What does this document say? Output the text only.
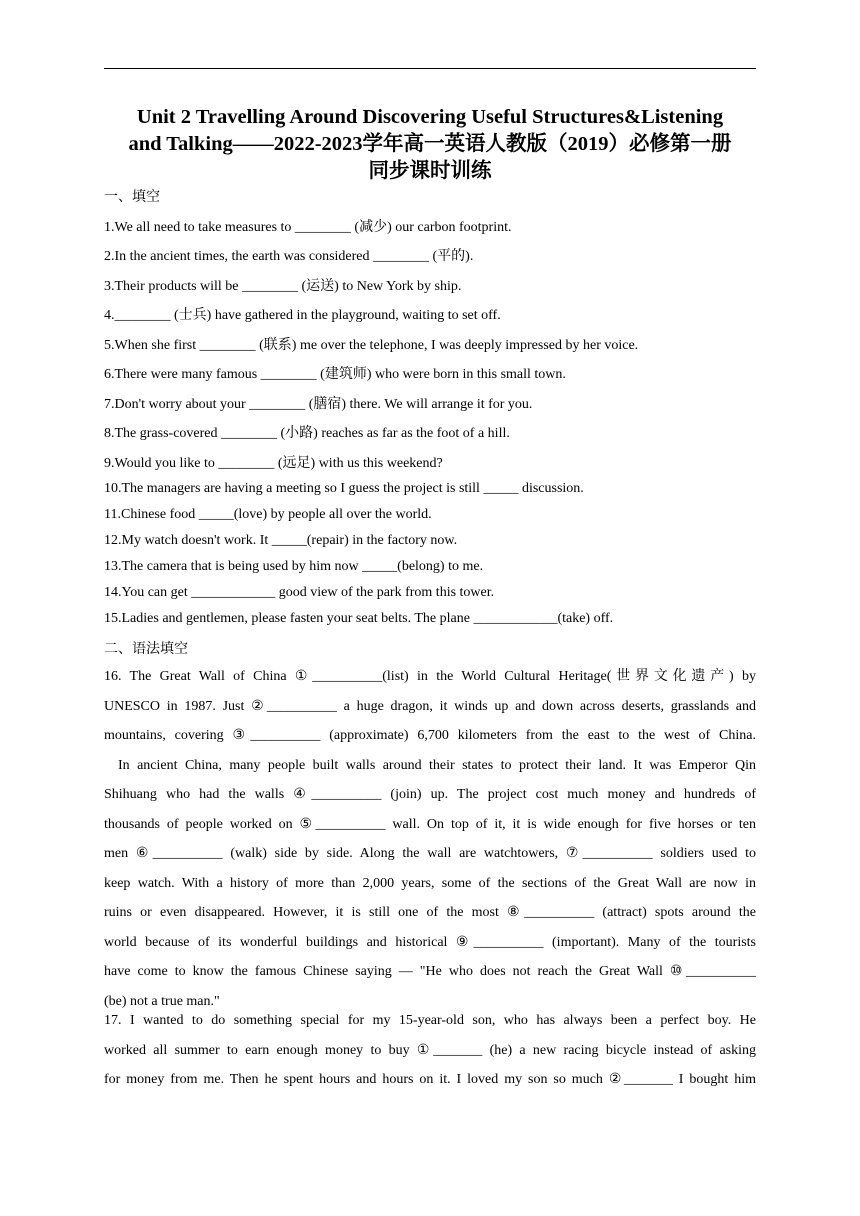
Unit 2 Travelling Around Discovering Useful Structures&Listening
and Talking——2022-2023学年高一英语人教版（2019）必修第一册
同步课时训练
一、填空
1.We all need to take measures to ________ (减少) our carbon footprint.
2.In the ancient times, the earth was considered ________ (平的).
3.Their products will be ________ (运送) to New York by ship.
4.________ (士兵) have gathered in the playground, waiting to set off.
5.When she first ________ (联系) me over the telephone, I was deeply impressed by her voice.
6.There were many famous ________ (建筑师) who were born in this small town.
7.Don't worry about your ________ (膳宿) there. We will arrange it for you.
8.The grass-covered ________ (小路) reaches as far as the foot of a hill.
9.Would you like to ________ (远足) with us this weekend?
10.The managers are having a meeting so I guess the project is still _____ discussion.
11.Chinese food _____(love) by people all over the world.
12.My watch doesn't work. It _____(repair) in the factory now.
13.The camera that is being used by him now _____(belong) to me.
14.You can get ____________ good view of the park from this tower.
15.Ladies and gentlemen, please fasten your seat belts. The plane ____________(take) off.
二、语法填空
16. The Great Wall of China ①__________(list) in the World Cultural Heritage(世界文化遗产) by
UNESCO in 1987. Just ②__________ a huge dragon, it winds up and down across deserts, grasslands and
mountains, covering ③__________ (approximate) 6,700 kilometers from the east to the west of China.
In ancient China, many people built walls around their states to protect their land. It was Emperor Qin
Shihuang who had the walls ④__________ (join) up. The project cost much money and hundreds of
thousands of people worked on ⑤__________ wall. On top of it, it is wide enough for five horses or ten
men ⑥__________ (walk) side by side. Along the wall are watchtowers, ⑦__________ soldiers used to
keep watch. With a history of more than 2,000 years, some of the sections of the Great Wall are now in
ruins or even disappeared. However, it is still one of the most ⑧__________ (attract) spots around the
world because of its wonderful buildings and historical ⑨__________ (important). Many of the tourists
have come to know the famous Chinese saying — "He who does not reach the Great Wall ⑩__________
(be) not a true man."
17. I wanted to do something special for my 15-year-old son, who has always been a perfect boy. He
worked all summer to earn enough money to buy ①_______ (he) a new racing bicycle instead of asking
for money from me. Then he spent hours and hours on it. I loved my son so much ②_______ I bought him
